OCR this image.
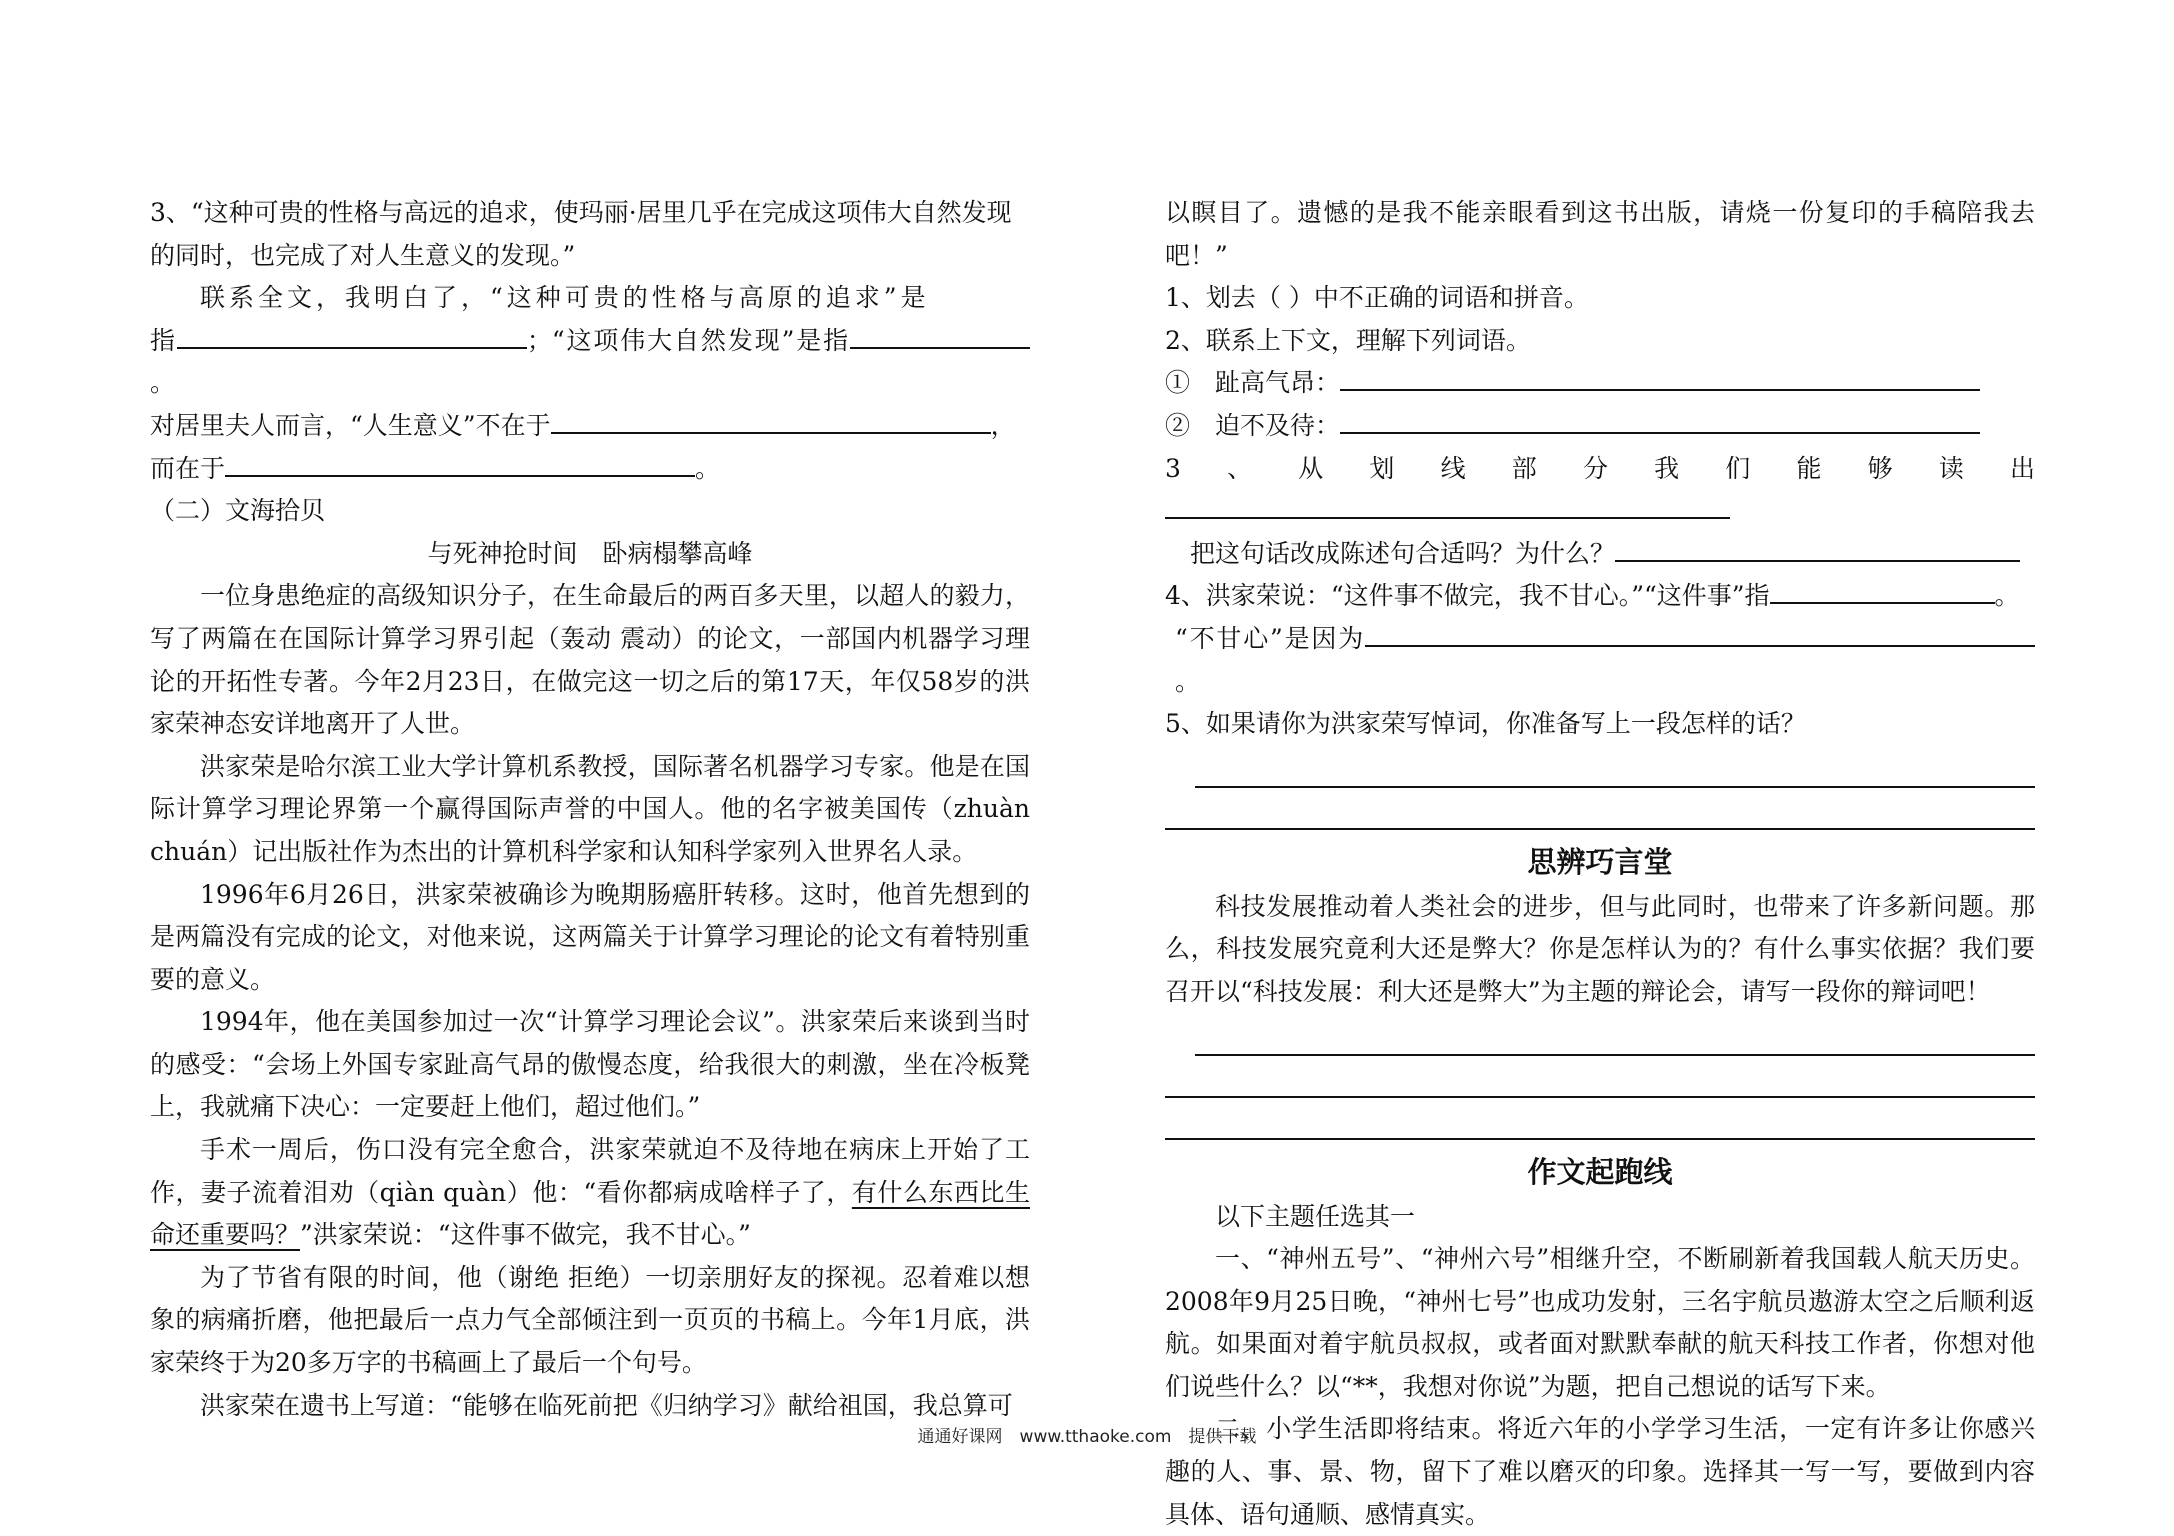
3、“这种可贵的性格与高远的追求，使玛丽·居里几乎在完成这项伟大自然发现

的同时，也完成了对人生意义的发现。”

联系全文，我明白了，“这种可贵的性格与高原的追求”是

指	；“这项伟大自然发现”是指。

对居里夫人而言，“人生意义”不在于	，

而在于	。

（二）文海拾贝

与死神抢时间　卧病榻攀高峰

一位身患绝症的高级知识分子，在生命最后的两百多天里，以超人的毅力，写了两篇在在国际计算学习界引起（轰动 震动）的论文，一部国内机器学习理论的开拓性专著。今年2月23日，在做完这一切之后的第17天，年仅58岁的洪家荣神态安详地离开了人世。

洪家荣是哈尔滨工业大学计算机系教授，国际著名机器学习专家。他是在国际计算学习理论界第一个赢得国际声誉的中国人。他的名字被美国传（zhuàn chuán）记出版社作为杰出的计算机科学家和认知科学家列入世界名人录。

1996年6月26日，洪家荣被确诊为晚期肠癌肝转移。这时，他首先想到的是两篇没有完成的论文，对他来说，这两篇关于计算学习理论的论文有着特别重要的意义。

1994年，他在美国参加过一次“计算学习理论会议”。洪家荣后来谈到当时的感受：“会场上外国专家趾高气昂的傲慢态度，给我很大的刺激，坐在冷板凳上，我就痛下决心：一定要赶上他们，超过他们。”

手术一周后，伤口没有完全愈合，洪家荣就迫不及待地在病床上开始了工作，妻子流着泪劝（qiàn quàn）他：“看你都病成啥样子了，有什么东西比生命还重要吗？”洪家荣说：“这件事不做完，我不甘心。”

为了节省有限的时间，他（谢绝 拒绝）一切亲朋好友的探视。忍着难以想象的病痛折磨，他把最后一点力气全部倾注到一页页的书稿上。今年1月底，洪家荣终于为20多万字的书稿画上了最后一个句号。

洪家荣在遗书上写道：“能够在临死前把《归纳学习》献给祖国，我总算可

以瞑目了。遗憾的是我不能亲眼看到这书出版，请烧一份复印的手稿陪我去吧！”

1、划去（ ）中不正确的词语和拼音。

2、联系上下文，理解下列词语。

①　趾高气昂：

②　迫不及待：

3、从划线部分我们能够读出

把这句话改成陈述句合适吗？为什么？

4、洪家荣说：“这件事不做完，我不甘心。”“这件事”指	。

“不甘心”是因为。

5、如果请你为洪家荣写悼词，你准备写上一段怎样的话？

思辨巧言堂

科技发展推动着人类社会的进步，但与此同时，也带来了许多新问题。那么，科技发展究竟利大还是弊大？你是怎样认为的？有什么事实依据？我们要召开以“科技发展：利大还是弊大”为主题的辩论会，请写一段你的辩词吧！

作文起跑线

以下主题任选其一

一、“神州五号”、“神州六号”相继升空，不断刷新着我国载人航天历史。2008年9月25日晚，“神州七号”也成功发射，三名宇航员遨游太空之后顺利返航。如果面对着宇航员叔叔，或者面对默默奉献的航天科技工作者，你想对他们说些什么？以“**，我想对你说”为题，把自己想说的话写下来。

二、小学生活即将结束。将近六年的小学学习生活，一定有许多让你感兴趣的人、事、景、物，留下了难以磨灭的印象。选择其一写一写，要做到内容具体、语句通顺、感情真实。

通通好课网　www.tthaoke.com　提供下载
